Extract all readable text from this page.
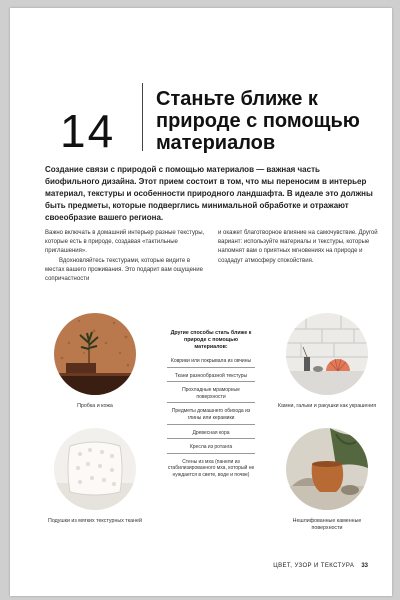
14
Станьте ближе к природе с помощью материалов
Создание связи с природой с помощью материалов — важная часть биофильного дизайна. Этот прием состоит в том, что мы переносим в интерьер материал, текстуры и особенности природного ландшафта. В идеале это должны быть предметы, которые подверглись минимальной обработке и отражают своеобразие вашего региона.

Важно включать в домашний интерьер разные текстуры, которые есть в природе, создавая «тактильные приглашения».

Вдохновляйтесь текстурами, которые видите в местах вашего проживания. Это подарит вам ощущение сопричастности

и окажет благотворное влияние на самочувствие. Другой вариант: используйте материалы и текстуры, которые напомнят вам о приятных мгновениях на природе и создадут атмосферу спокойствия.

Пробка и кожа	Камни, гальки и ракушки как украшения
Подушки из мягких текстурных тканей	Нешлифованные каменные поверхности
Другие способы стать ближе к природе с помощью материалов:
Коврики или покрывала из овчины
Ткани разнообразной текстуры
Прохладные мраморные поверхности
Предметы домашнего обихода из глины или керамики
Древесная кора
Кресла из ротанга
Стены из мха (панели из стабилизированного мха, который не нуждается в свете, воде и почве)
ЦВЕТ, УЗОР И ТЕКСТУРА 33
